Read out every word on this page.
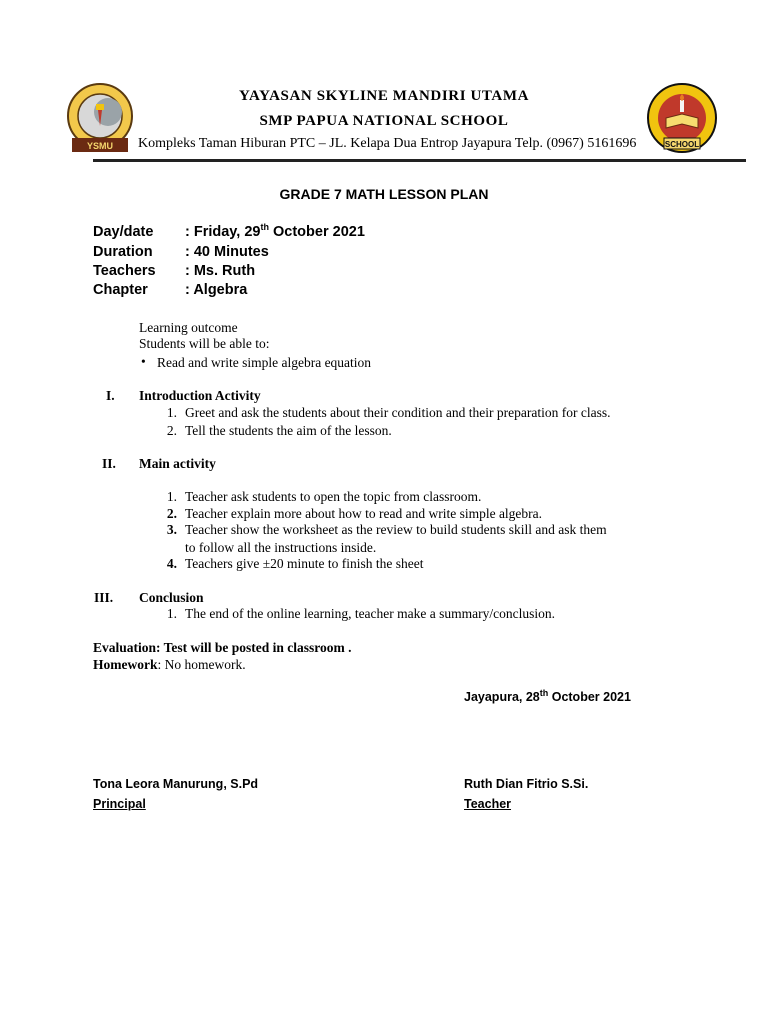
YSMU	SCHOOL
YAYASAN SKYLINE MANDIRI UTAMA
SMP PAPUA NATIONAL SCHOOL
Kompleks Taman Hiburan PTC – JL. Kelapa Dua Entrop Jayapura Telp. (0967) 5161696
GRADE 7 MATH LESSON PLAN
Day/date : Friday, 29th October 2021
Duration : 40 Minutes
Teachers : Ms. Ruth
Chapter	: Algebra
Learning outcome
Students will be able to:
• Read and write simple algebra equation
I. Introduction Activity
1. Greet and ask the students about their condition and their preparation for class.
2. Tell the students the aim of the lesson.
II. Main activity
1. Teacher ask students to open the topic from classroom.
2. Teacher explain more about how to read and write simple algebra.
3. Teacher show the worksheet as the review to build students skill and ask them
to follow all the instructions inside.
4. Teachers give ±20 minute to finish the sheet
III. Conclusion
1. The end of the online learning, teacher make a summary/conclusion.
Evaluation: Test will be posted in classroom .
Homework: No homework.
Jayapura, 28th October 2021
Tona Leora Manurung, S.Pd
Principal
Ruth Dian Fitrio S.Si.
Teacher
